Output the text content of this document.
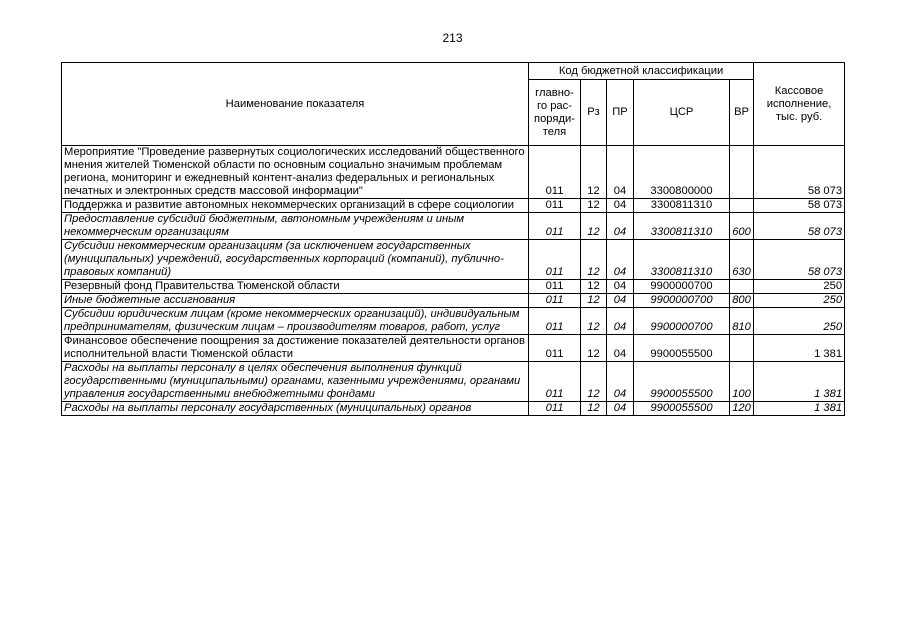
213
Наименование показателя	Код бюджетной классификации					Кассовое исполнение, тыс. руб.
	главно-го рас-поряди-теля	Рз	ПР	ЦСР	ВР	
Мероприятие "Проведение развернутых социологических исследований общественного мнения жителей Тюменской области по основным социально значимым проблемам региона, мониторинг и ежедневный контент-анализ федеральных и региональных печатных и электронных средств массовой информации"	011	12	04	3300800000		58 073
Поддержка и развитие автономных некоммерческих организаций в сфере социологии	011	12	04	3300811310		58 073
Предоставление субсидий бюджетным, автономным учреждениям и иным некоммерческим организациям	011	12	04	3300811310	600	58 073
Субсидии некоммерческим организациям (за исключением государственных (муниципальных) учреждений, государственных корпораций (компаний), публично-правовых компаний)	011	12	04	3300811310	630	58 073
Резервный фонд Правительства Тюменской области	011	12	04	9900000700		250
Иные бюджетные ассигнования	011	12	04	9900000700	800	250
Субсидии юридическим лицам (кроме некоммерческих организаций), индивидуальным предпринимателям, физическим лицам – производителям товаров, работ, услуг	011	12	04	9900000700	810	250
Финансовое обеспечение поощрения за достижение показателей деятельности органов исполнительной власти Тюменской области	011	12	04	9900055500		1 381
Расходы на выплаты персоналу в целях обеспечения выполнения функций государственными (муниципальными) органами, казенными учреждениями, органами управления государственными внебюджетными фондами	011	12	04	9900055500	100	1 381
Расходы на выплаты персоналу государственных (муниципальных) органов	011	12	04	9900055500	120	1 381
